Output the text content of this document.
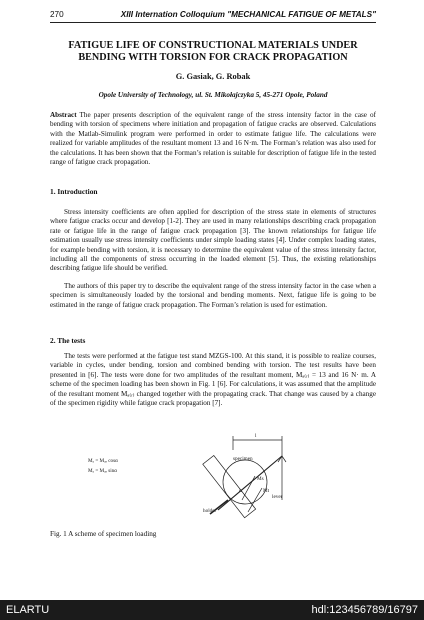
270	XIII Internation Colloquium "MECHANICAL FATIGUE OF METALS"
FATIGUE LIFE OF CONSTRUCTIONAL MATERIALS UNDER
BENDING WITH TORSION FOR CRACK PROPAGATION
G. Gasiak, G. Robak
Opole University of Technology, ul. St. Mikołajczyka 5, 45-271 Opole, Poland

Abstract The paper presents description of the equivalent range of the stress intensity factor in the case of bending with torsion of specimens where initiation and propagation of fatigue cracks are observed. Calculations with the Matlab-Simulink program were performed in order to estimate fatigue life. The calculations were realized for variable amplitudes of the resultant moment 13 and 16 N·m. The Forman’s relation was also used for the calculations. It has been shown that the Forman’s relation is suitable for description of fatigue life in the tested range of fatigue crack propagation.

1. Introduction

Stress intensity coefficients are often applied for description of the stress state in elements of structures where fatigue cracks occur and develop [1-2]. They are used in many relationships describing crack propagation rate or fatigue life in the range of fatigue crack propagation [3]. The known relationships for fatigue life estimation usually use stress intensity coefficients under simple loading states [4]. Under complex loading states, for example bending with torsion, it is necessary to determine the equivalent value of the stress intensity factor, including all the components of stress occurring in the loaded element [5]. Thus, the existing relationships describing fatigue life should be verified.

The authors of this paper try to describe the equivalent range of the stress intensity factor in the case when a specimen is simultaneously loaded by the torsional and bending moments. Next, fatigue life is going to be estimated in the range of fatigue crack propagation. The Forman’s relation is used for estimation.

2. The tests

The tests were performed at the fatigue test stand MZGS-100. At this stand, it is possible to realize courses, variable in cycles, under bending, torsion and combined bending with torsion. The test results have been presented in [6]. The tests were done for two amplitudes of the resultant moment, Mₐ₍ᵣ₎ = 13 and 16 N· m. A scheme of the specimen loading has been shown in Fig. 1 [6]. For calculations, it was assumed that the amplitude of the resultant moment Mₐ₍ᵣ₎ changed together with the propagating crack. That change was caused by a change of the specimen rigidity while fatigue crack propagation [7].

Mₐ = Mₐₑ cosα
Mₐ = Mₐₑ sinα
l
specimen
holder
lever
Ms
Mt
α
Fig. 1 A scheme of specimen loading
ELARTU	hdl:123456789/16797
